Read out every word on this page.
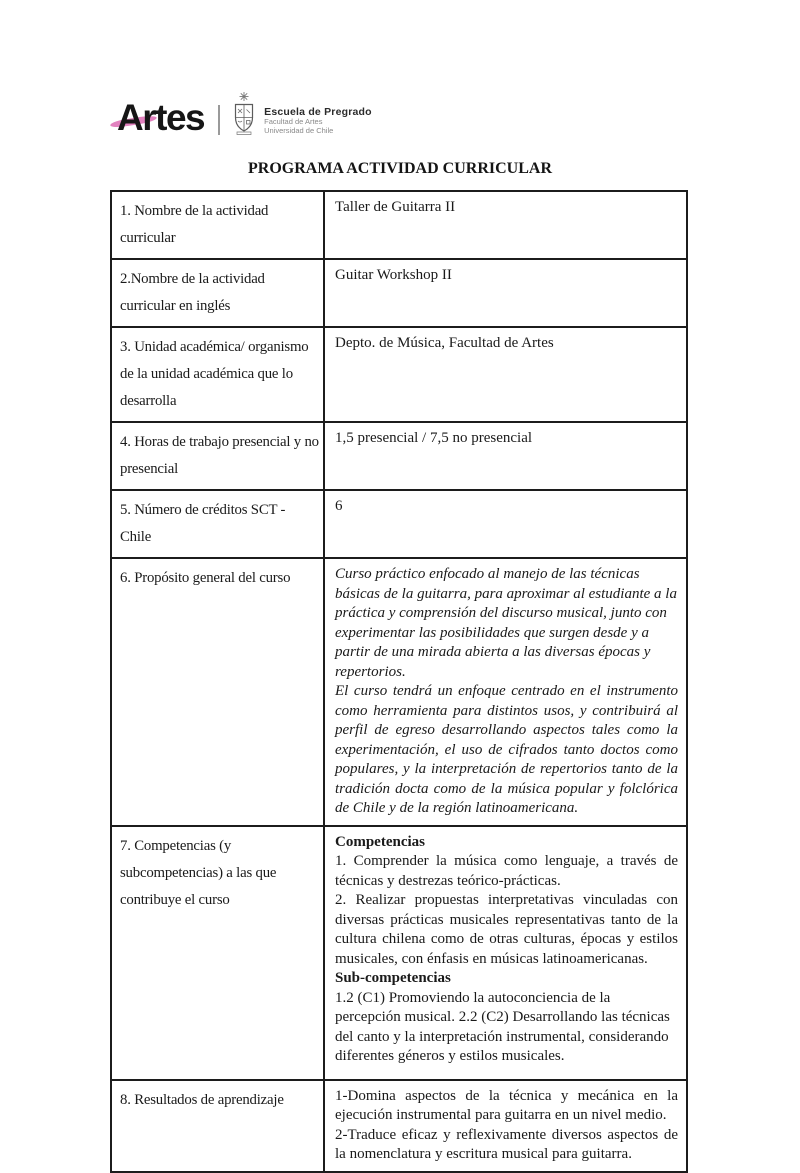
Artes	Escuela de Pregrado
Facultad de Artes
Universidad de Chile
PROGRAMA ACTIVIDAD CURRICULAR
1. Nombre de la actividad curricular	Taller de Guitarra II
2.Nombre de la actividad curricular en inglés	Guitar Workshop II
3. Unidad académica/ organismo de la unidad académica que lo desarrolla	Depto. de Música, Facultad de Artes
4. Horas de trabajo presencial y no presencial	1,5 presencial / 7,5 no presencial
5. Número de créditos SCT - Chile	6
6. Propósito general del curso	Curso práctico enfocado al manejo de las técnicas básicas de la guitarra, para aproximar al estudiante a la práctica y comprensión del discurso musical, junto con experimentar las posibilidades que surgen desde y a partir de una mirada abierta a las diversas épocas y repertorios.

El curso tendrá un enfoque centrado en el instrumento como herramienta para distintos usos, y contribuirá al perfil de egreso desarrollando aspectos tales como la experimentación, el uso de cifrados tanto doctos como populares, y la interpretación de repertorios tanto de la tradición docta como de la música popular y folclórica de Chile y de la región latinoamericana.

7. Competencias (y subcompetencias) a las que contribuye el curso	Competencias

1. Comprender la música como lenguaje, a través de técnicas y destrezas teórico-prácticas.

2. Realizar propuestas interpretativas vinculadas con diversas prácticas musicales representativas tanto de la cultura chilena como de otras culturas, épocas y estilos musicales, con énfasis en músicas latinoamericanas.

Sub-competencias

1.2 (C1) Promoviendo la autoconciencia de la percepción musical. 2.2 (C2) Desarrollando las técnicas del canto y la interpretación instrumental, considerando diferentes géneros y estilos musicales.

8. Resultados de aprendizaje	1-Domina aspectos de la técnica y mecánica en la ejecución instrumental para guitarra en un nivel medio.

2-Traduce eficaz y reflexivamente diversos aspectos de la nomenclatura y escritura musical para guitarra.
